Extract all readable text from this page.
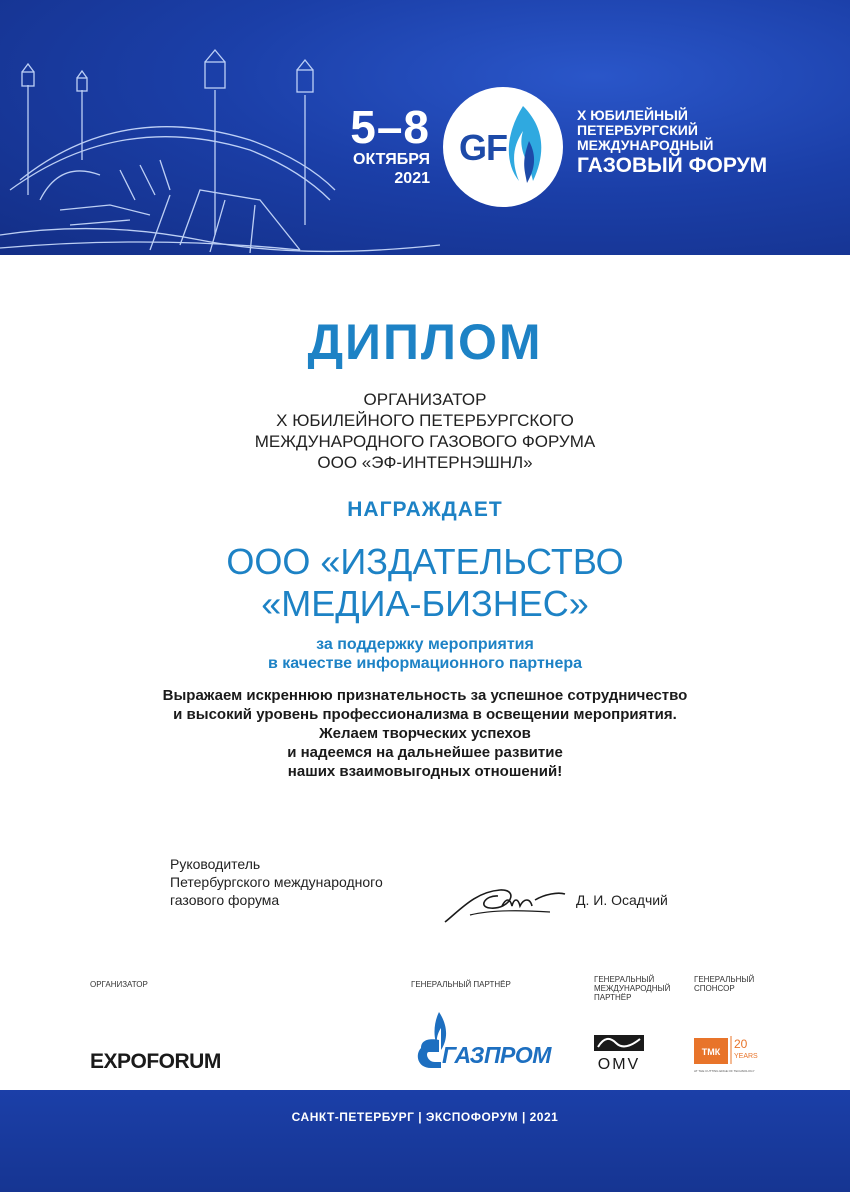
5–8
ОКТЯБРЯ
2021
GF
X ЮБИЛЕЙНЫЙ
ПЕТЕРБУРГСКИЙ
МЕЖДУНАРОДНЫЙ
ГАЗОВЫЙ ФОРУМ
ДИПЛОМ
ОРГАНИЗАТОР
X ЮБИЛЕЙНОГО ПЕТЕРБУРГСКОГО
МЕЖДУНАРОДНОГО ГАЗОВОГО ФОРУМА
ООО «ЭФ-ИНТЕРНЭШНЛ»
НАГРАЖДАЕТ
ООО «ИЗДАТЕЛЬСТВО
«МЕДИА-БИЗНЕС»
за поддержку мероприятия
в качестве информационного партнера
Выражаем искреннюю признательность за успешное сотрудничество
и высокий уровень профессионализма в освещении мероприятия.
Желаем творческих успехов
и надеемся на дальнейшее развитие
наших взаимовыгодных отношений!
Руководитель
Петербургского международного
газового форума	Д. И. Осадчий
ОРГАНИЗАТОР	ГЕНЕРАЛЬНЫЙ ПАРТНЁР
ГЕНЕРАЛЬНЫЙ
МЕЖДУНАРОДНЫЙ
ПАРТНЁР
ГЕНЕРАЛЬНЫЙ
СПОНСОР
EXPOFORUM	ГАЗПРОМ	OMV
ТМК
20
YEARS
AT THE CUTTING EDGE OF TECHNOLOGY
САНКТ-ПЕТЕРБУРГ | ЭКСПОФОРУМ | 2021
